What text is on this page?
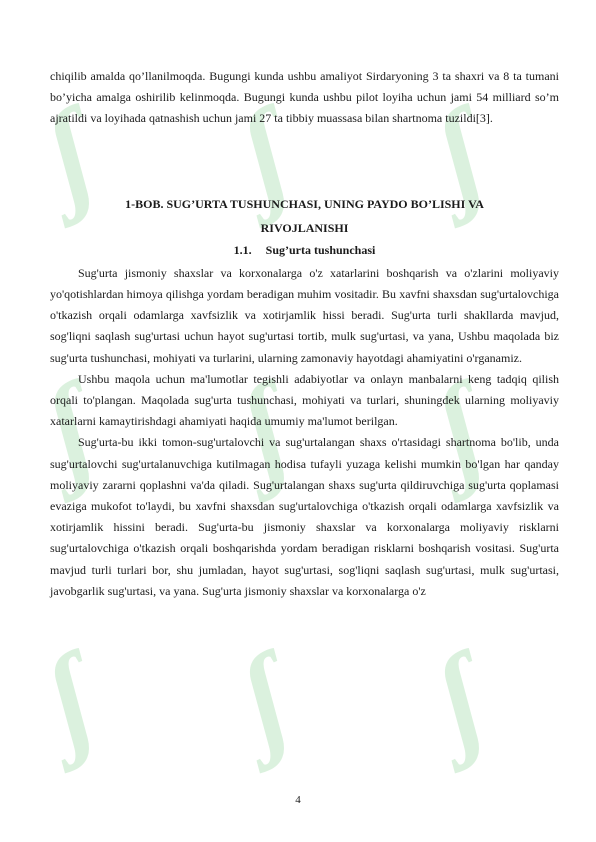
ʃ ʃ ʃ
ʃ ʃ ʃ
ʃ ʃ ʃ

chiqilib amalda qo’llanilmoqda. Bugungi kunda ushbu amaliyot Sirdaryoning 3 ta shaxri va 8 ta tumani bo’yicha amalga oshirilib kelinmoqda. Bugungi kunda ushbu pilot loyiha uchun jami 54 milliard so’m ajratildi va loyihada qatnashish uchun jami 27 ta tibbiy muassasa bilan shartnoma tuzildi[3].

1-BOB. SUG’URTA TUSHUNCHASI, UNING PAYDO BO’LISHI VA
RIVOJLANISHI
1.1. Sug’urta tushunchasi

Sug'urta jismoniy shaxslar va korxonalarga o'z xatarlarini boshqarish va o'zlarini moliyaviy yo'qotishlardan himoya qilishga yordam beradigan muhim vositadir. Bu xavfni shaxsdan sug'urtalovchiga o'tkazish orqali odamlarga xavfsizlik va xotirjamlik hissi beradi. Sug'urta turli shakllarda mavjud, sog'liqni saqlash sug'urtasi uchun hayot sug'urtasi tortib, mulk sug'urtasi, va yana, Ushbu maqolada biz sug'urta tushunchasi, mohiyati va turlarini, ularning zamonaviy hayotdagi ahamiyatini o'rganamiz.

Ushbu maqola uchun ma'lumotlar tegishli adabiyotlar va onlayn manbalarni keng tadqiq qilish orqali to'plangan. Maqolada sug'urta tushunchasi, mohiyati va turlari, shuningdek ularning moliyaviy xatarlarni kamaytirishdagi ahamiyati haqida umumiy ma'lumot berilgan.

Sug'urta-bu ikki tomon-sug'urtalovchi va sug'urtalangan shaxs o'rtasidagi shartnoma bo'lib, unda sug'urtalovchi sug'urtalanuvchiga kutilmagan hodisa tufayli yuzaga kelishi mumkin bo'lgan har qanday moliyaviy zararni qoplashni va'da qiladi. Sug'urtalangan shaxs sug'urta qildiruvchiga sug'urta qoplamasi evaziga mukofot to'laydi, bu xavfni shaxsdan sug'urtalovchiga o'tkazish orqali odamlarga xavfsizlik va xotirjamlik hissini beradi. Sug'urta-bu jismoniy shaxslar va korxonalarga moliyaviy risklarni sug'urtalovchiga o'tkazish orqali boshqarishda yordam beradigan risklarni boshqarish vositasi. Sug'urta mavjud turli turlari bor, shu jumladan, hayot sug'urtasi, sog'liqni saqlash sug'urtasi, mulk sug'urtasi, javobgarlik sug'urtasi, va yana. Sug'urta jismoniy shaxslar va korxonalarga o'z

4
